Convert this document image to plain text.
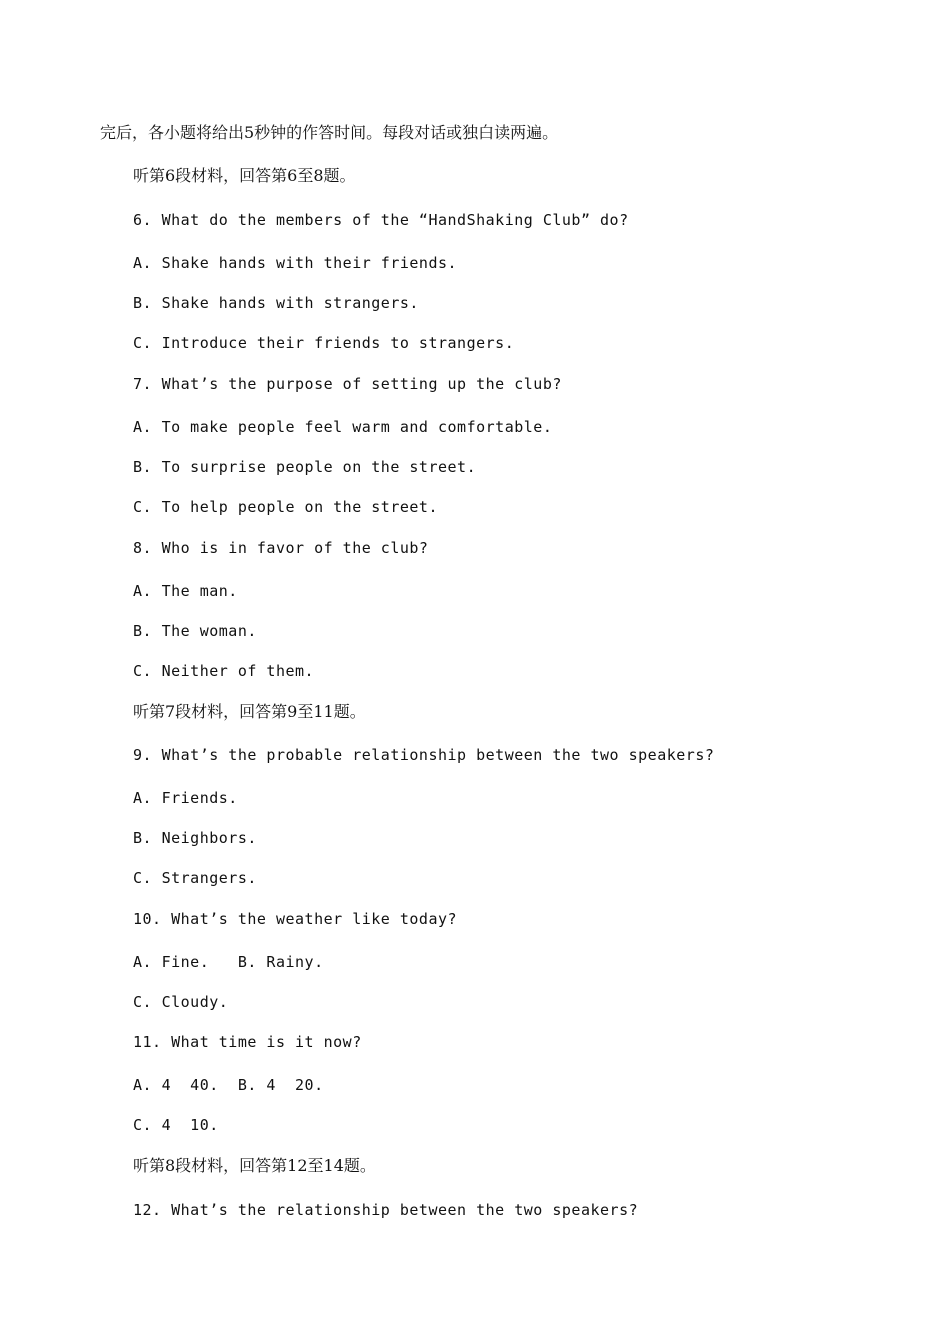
完后，各小题将给出5秒钟的作答时间。每段对话或独白读两遍。
听第6段材料，回答第6至8题。
6. What do the members of the “HandShaking Club” do?
A. Shake hands with their friends.
B. Shake hands with strangers.
C. Introduce their friends to strangers.
7. What’s the purpose of setting up the club?
A. To make people feel warm and comfortable.
B. To surprise people on the street.
C. To help people on the street.
8. Who is in favor of the club?
A. The man.
B. The woman.
C. Neither of them.
听第7段材料，回答第9至11题。
9. What’s the probable relationship between the two speakers?
A. Friends.
B. Neighbors.
C. Strangers.
10. What’s the weather like today?
A. Fine.   B. Rainy.
C. Cloudy.
11. What time is it now?
A. 4  40.  B. 4  20.
C. 4  10.
听第8段材料，回答第12至14题。
12. What’s the relationship between the two speakers?
